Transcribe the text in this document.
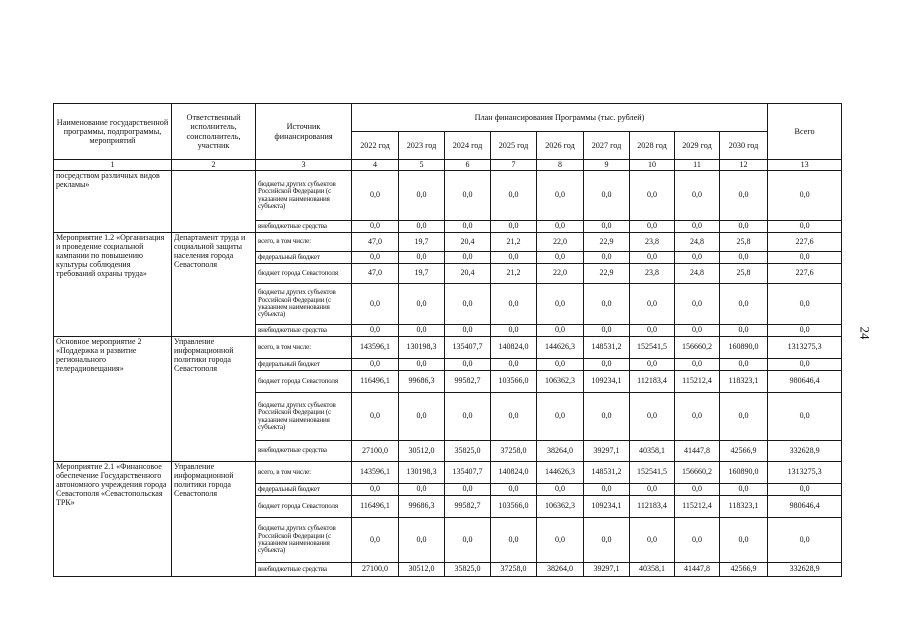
Наименование государственной программы, подпрограммы, мероприятий	Ответственный исполнитель, соисполнитель, участник	Источник финансирования	План финансирования Программы (тыс. рублей)									Всего
			2022 год	2023 год	2024 год	2025 год	2026 год	2027 год	2028 год	2029 год	2030 год	
1	2	3	4	5	6	7	8	9	10	11	12	13
посредством различных видов рекламы»		бюджеты других субъектов Российской Федерации (с указанием наименования субъекта)	0,0	0,0	0,0	0,0	0,0	0,0	0,0	0,0	0,0	0,0
		внебюджетные средства	0,0	0,0	0,0	0,0	0,0	0,0	0,0	0,0	0,0	0,0
Мероприятие 1.2 «Организация и проведение социальной кампании по повышению культуры соблюдения требований охраны труда»	Департамент труда и социальной защиты населения города Севастополя	всего, в том числе:	47,0	19,7	20,4	21,2	22,0	22,9	23,8	24,8	25,8	227,6
		федеральный бюджет	0,0	0,0	0,0	0,0	0,0	0,0	0,0	0,0	0,0	0,0
		бюджет города Севастополя	47,0	19,7	20,4	21,2	22,0	22,9	23,8	24,8	25,8	227,6
		бюджеты других субъектов Российской Федерации (с указанием наименования субъекта)	0,0	0,0	0,0	0,0	0,0	0,0	0,0	0,0	0,0	0,0
		внебюджетные средства	0,0	0,0	0,0	0,0	0,0	0,0	0,0	0,0	0,0	0,0
Основное мероприятие 2 «Поддержка и развитие регионального телерадиовещания»	Управление информационной политики города Севастополя	всего, в том числе:	143596,1	130198,3	135407,7	140824,0	144626,3	148531,2	152541,5	156660,2	160890,0	1313275,3
		федеральный бюджет	0,0	0,0	0,0	0,0	0,0	0,0	0,0	0,0	0,0	0,0
		бюджет города Севастополя	116496,1	99686,3	99582,7	103566,0	106362,3	109234,1	112183,4	115212,4	118323,1	980646,4
		бюджеты других субъектов Российской Федерации (с указанием наименования субъекта)	0,0	0,0	0,0	0,0	0,0	0,0	0,0	0,0	0,0	0,0
		внебюджетные средства	27100,0	30512,0	35825,0	37258,0	38264,0	39297,1	40358,1	41447,8	42566,9	332628,9
Мероприятие 2.1 «Финансовое обеспечение Государственного автономного учреждения города Севастополя «Севастопольская ТРК»	Управление информационной политики города Севастополя	всего, в том числе:	143596,1	130198,3	135407,7	140824,0	144626,3	148531,2	152541,5	156660,2	160890,0	1313275,3
		федеральный бюджет	0,0	0,0	0,0	0,0	0,0	0,0	0,0	0,0	0,0	0,0
		бюджет города Севастополя	116496,1	99686,3	99582,7	103566,0	106362,3	109234,1	112183,4	115212,4	118323,1	980646,4
		бюджеты других субъектов Российской Федерации (с указанием наименования субъекта)	0,0	0,0	0,0	0,0	0,0	0,0	0,0	0,0	0,0	0,0
		внебюджетные средства	27100,0	30512,0	35825,0	37258,0	38264,0	39297,1	40358,1	41447,8	42566,9	332628,9
24
